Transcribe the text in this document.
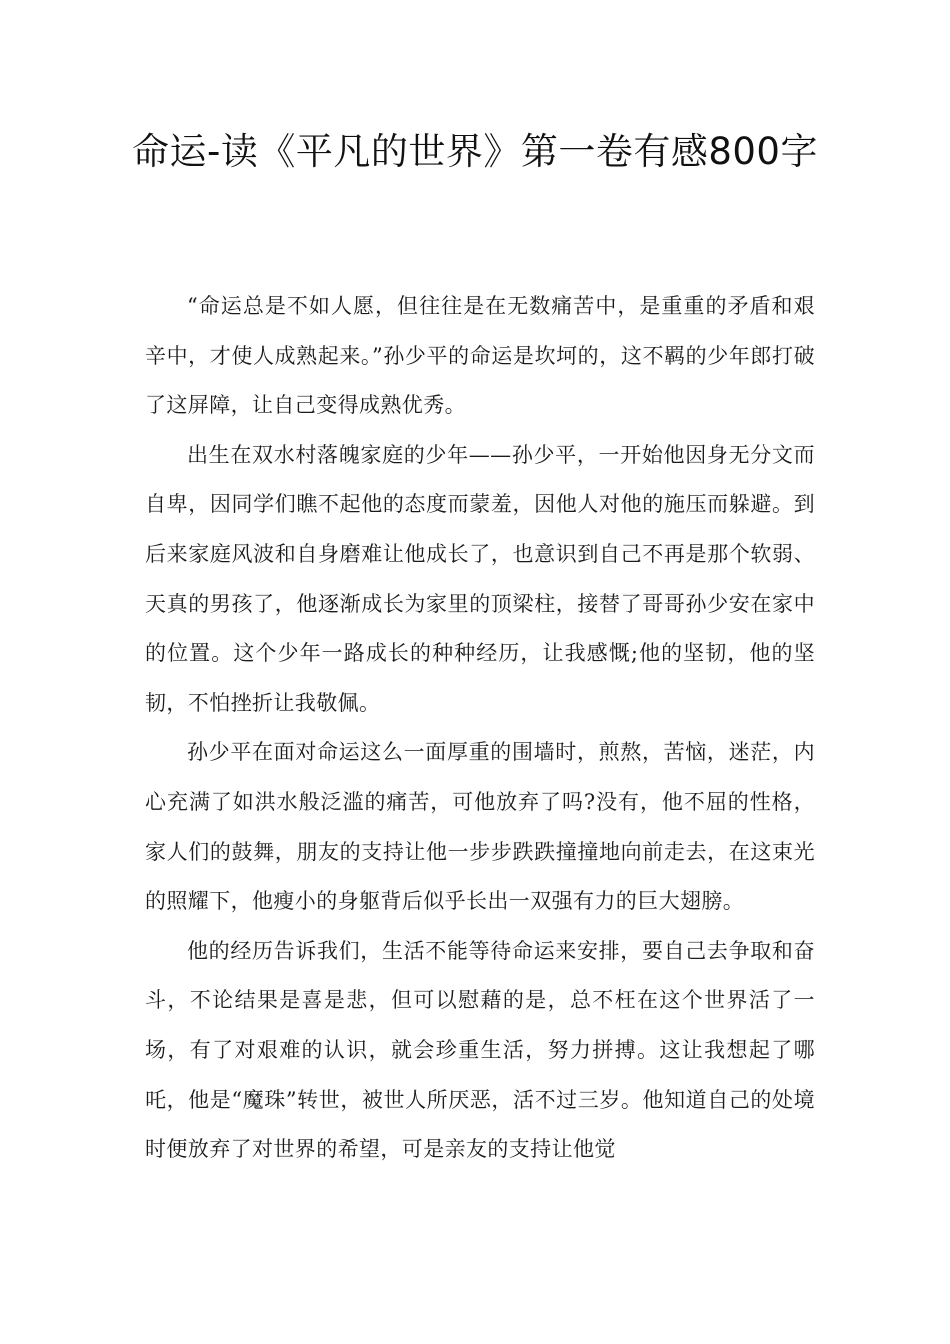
命运-读《平凡的世界》第一卷有感800字

“命运总是不如人愿，但往往是在无数痛苦中，是重重的矛盾和艰辛中，才使人成熟起来。”孙少平的命运是坎坷的，这不羁的少年郎打破了这屏障，让自己变得成熟优秀。

出生在双水村落魄家庭的少年——孙少平，一开始他因身无分文而自卑，因同学们瞧不起他的态度而蒙羞，因他人对他的施压而躲避。到后来家庭风波和自身磨难让他成长了，也意识到自己不再是那个软弱、天真的男孩了，他逐渐成长为家里的顶梁柱，接替了哥哥孙少安在家中的位置。这个少年一路成长的种种经历，让我感慨;他的坚韧，他的坚韧，不怕挫折让我敬佩。

孙少平在面对命运这么一面厚重的围墙时，煎熬，苦恼，迷茫，内心充满了如洪水般泛滥的痛苦，可他放弃了吗?没有，他不屈的性格，家人们的鼓舞，朋友的支持让他一步步跌跌撞撞地向前走去，在这束光的照耀下，他瘦小的身躯背后似乎长出一双强有力的巨大翅膀。

他的经历告诉我们，生活不能等待命运来安排，要自己去争取和奋斗，不论结果是喜是悲，但可以慰藉的是，总不枉在这个世界活了一场，有了对艰难的认识，就会珍重生活，努力拼搏。这让我想起了哪吒，他是“魔珠”转世，被世人所厌恶，活不过三岁。他知道自己的处境时便放弃了对世界的希望，可是亲友的支持让他觉
